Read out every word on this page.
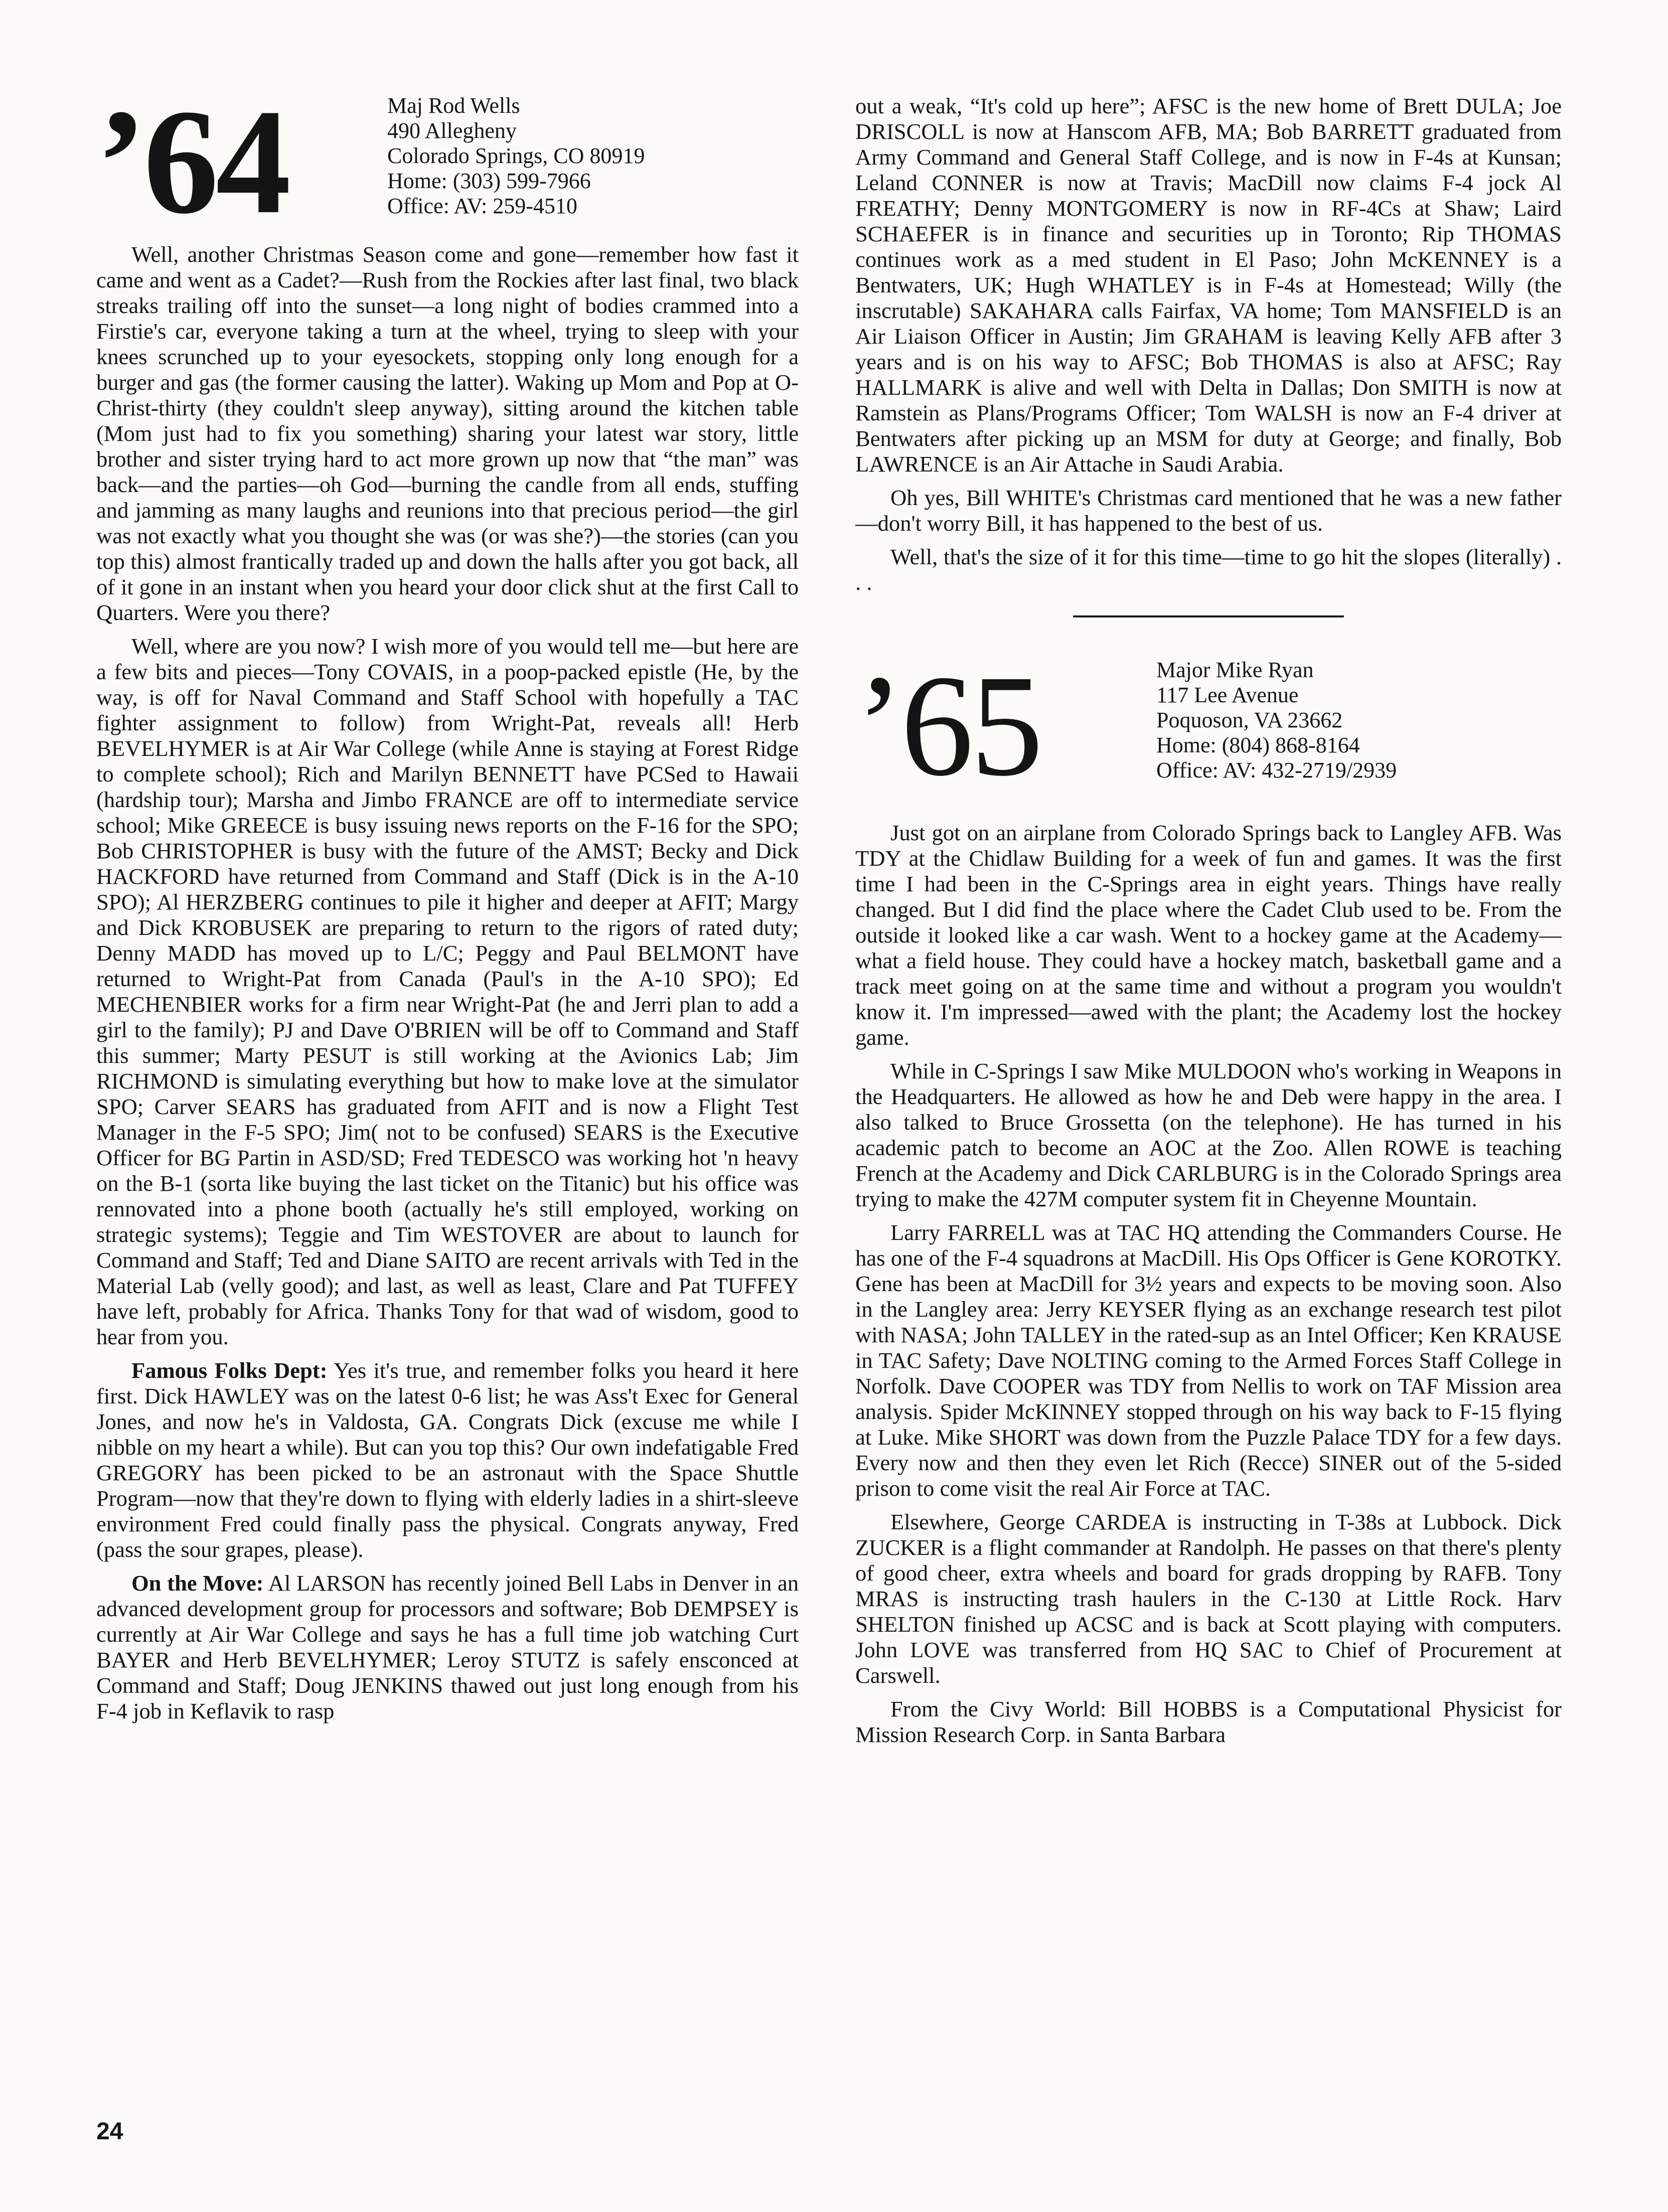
’64	Maj Rod Wells
490 Allegheny
Colorado Springs, CO 80919
Home: (303) 599-7966
Office: AV: 259-4510

Well, another Christmas Season come and gone—remember how fast it came and went as a Cadet?—Rush from the Rockies after last final, two black streaks trailing off into the sunset—a long night of bodies crammed into a Firstie's car, everyone taking a turn at the wheel, trying to sleep with your knees scrunched up to your eyesockets, stopping only long enough for a burger and gas (the former causing the latter). Waking up Mom and Pop at O-Christ-thirty (they couldn't sleep anyway), sitting around the kitchen table (Mom just had to fix you something) sharing your latest war story, little brother and sister trying hard to act more grown up now that “the man” was back—and the parties—oh God—burning the candle from all ends, stuffing and jamming as many laughs and reunions into that precious period—the girl was not exactly what you thought she was (or was she?)—the stories (can you top this) almost frantically traded up and down the halls after you got back, all of it gone in an instant when you heard your door click shut at the first Call to Quarters. Were you there?

Well, where are you now? I wish more of you would tell me—but here are a few bits and pieces—Tony COVAIS, in a poop-packed epistle (He, by the way, is off for Naval Command and Staff School with hopefully a TAC fighter assignment to follow) from Wright-Pat, reveals all! Herb BEVELHYMER is at Air War College (while Anne is staying at Forest Ridge to complete school); Rich and Marilyn BENNETT have PCSed to Hawaii (hardship tour); Marsha and Jimbo FRANCE are off to intermediate service school; Mike GREECE is busy issuing news reports on the F-16 for the SPO; Bob CHRISTOPHER is busy with the future of the AMST; Becky and Dick HACKFORD have returned from Command and Staff (Dick is in the A-10 SPO); Al HERZBERG continues to pile it higher and deeper at AFIT; Margy and Dick KROBUSEK are preparing to return to the rigors of rated duty; Denny MADD has moved up to L/C; Peggy and Paul BELMONT have returned to Wright-Pat from Canada (Paul's in the A-10 SPO); Ed MECHENBIER works for a firm near Wright-Pat (he and Jerri plan to add a girl to the family); PJ and Dave O'BRIEN will be off to Command and Staff this summer; Marty PESUT is still working at the Avionics Lab; Jim RICHMOND is simulating everything but how to make love at the simulator SPO; Carver SEARS has graduated from AFIT and is now a Flight Test Manager in the F-5 SPO; Jim( not to be confused) SEARS is the Executive Officer for BG Partin in ASD/SD; Fred TEDESCO was working hot 'n heavy on the B-1 (sorta like buying the last ticket on the Titanic) but his office was rennovated into a phone booth (actually he's still employed, working on strategic systems); Teggie and Tim WESTOVER are about to launch for Command and Staff; Ted and Diane SAITO are recent arrivals with Ted in the Material Lab (velly good); and last, as well as least, Clare and Pat TUFFEY have left, probably for Africa. Thanks Tony for that wad of wisdom, good to hear from you.

Famous Folks Dept: Yes it's true, and remember folks you heard it here first. Dick HAWLEY was on the latest 0-6 list; he was Ass't Exec for General Jones, and now he's in Valdosta, GA. Congrats Dick (excuse me while I nibble on my heart a while). But can you top this? Our own indefatigable Fred GREGORY has been picked to be an astronaut with the Space Shuttle Program—now that they're down to flying with elderly ladies in a shirt-sleeve environment Fred could finally pass the physical. Congrats anyway, Fred (pass the sour grapes, please).

On the Move: Al LARSON has recently joined Bell Labs in Denver in an advanced development group for processors and software; Bob DEMPSEY is currently at Air War College and says he has a full time job watching Curt BAYER and Herb BEVELHYMER; Leroy STUTZ is safely ensconced at Command and Staff; Doug JENKINS thawed out just long enough from his F-4 job in Keflavik to rasp

out a weak, “It's cold up here”; AFSC is the new home of Brett DULA; Joe DRISCOLL is now at Hanscom AFB, MA; Bob BARRETT graduated from Army Command and General Staff College, and is now in F-4s at Kunsan; Leland CONNER is now at Travis; MacDill now claims F-4 jock Al FREATHY; Denny MONTGOMERY is now in RF-4Cs at Shaw; Laird SCHAEFER is in finance and securities up in Toronto; Rip THOMAS continues work as a med student in El Paso; John McKENNEY is a Bentwaters, UK; Hugh WHATLEY is in F-4s at Homestead; Willy (the inscrutable) SAKAHARA calls Fairfax, VA home; Tom MANSFIELD is an Air Liaison Officer in Austin; Jim GRAHAM is leaving Kelly AFB after 3 years and is on his way to AFSC; Bob THOMAS is also at AFSC; Ray HALLMARK is alive and well with Delta in Dallas; Don SMITH is now at Ramstein as Plans/Programs Officer; Tom WALSH is now an F-4 driver at Bentwaters after picking up an MSM for duty at George; and finally, Bob LAWRENCE is an Air Attache in Saudi Arabia.

Oh yes, Bill WHITE's Christmas card mentioned that he was a new father—don't worry Bill, it has happened to the best of us.

Well, that's the size of it for this time—time to go hit the slopes (literally) . . .

’65	Major Mike Ryan
117 Lee Avenue
Poquoson, VA 23662
Home: (804) 868-8164
Office: AV: 432-2719/2939

Just got on an airplane from Colorado Springs back to Langley AFB. Was TDY at the Chidlaw Building for a week of fun and games. It was the first time I had been in the C-Springs area in eight years. Things have really changed. But I did find the place where the Cadet Club used to be. From the outside it looked like a car wash. Went to a hockey game at the Academy—what a field house. They could have a hockey match, basketball game and a track meet going on at the same time and without a program you wouldn't know it. I'm impressed—awed with the plant; the Academy lost the hockey game.

While in C-Springs I saw Mike MULDOON who's working in Weapons in the Headquarters. He allowed as how he and Deb were happy in the area. I also talked to Bruce Grossetta (on the telephone). He has turned in his academic patch to become an AOC at the Zoo. Allen ROWE is teaching French at the Academy and Dick CARLBURG is in the Colorado Springs area trying to make the 427M computer system fit in Cheyenne Mountain.

Larry FARRELL was at TAC HQ attending the Commanders Course. He has one of the F-4 squadrons at MacDill. His Ops Officer is Gene KOROTKY. Gene has been at MacDill for 3½ years and expects to be moving soon. Also in the Langley area: Jerry KEYSER flying as an exchange research test pilot with NASA; John TALLEY in the rated-sup as an Intel Officer; Ken KRAUSE in TAC Safety; Dave NOLTING coming to the Armed Forces Staff College in Norfolk. Dave COOPER was TDY from Nellis to work on TAF Mission area analysis. Spider McKINNEY stopped through on his way back to F-15 flying at Luke. Mike SHORT was down from the Puzzle Palace TDY for a few days. Every now and then they even let Rich (Recce) SINER out of the 5-sided prison to come visit the real Air Force at TAC.

Elsewhere, George CARDEA is instructing in T-38s at Lubbock. Dick ZUCKER is a flight commander at Randolph. He passes on that there's plenty of good cheer, extra wheels and board for grads dropping by RAFB. Tony MRAS is instructing trash haulers in the C-130 at Little Rock. Harv SHELTON finished up ACSC and is back at Scott playing with computers. John LOVE was transferred from HQ SAC to Chief of Procurement at Carswell.

From the Civy World: Bill HOBBS is a Computational Physicist for Mission Research Corp. in Santa Barbara

24
